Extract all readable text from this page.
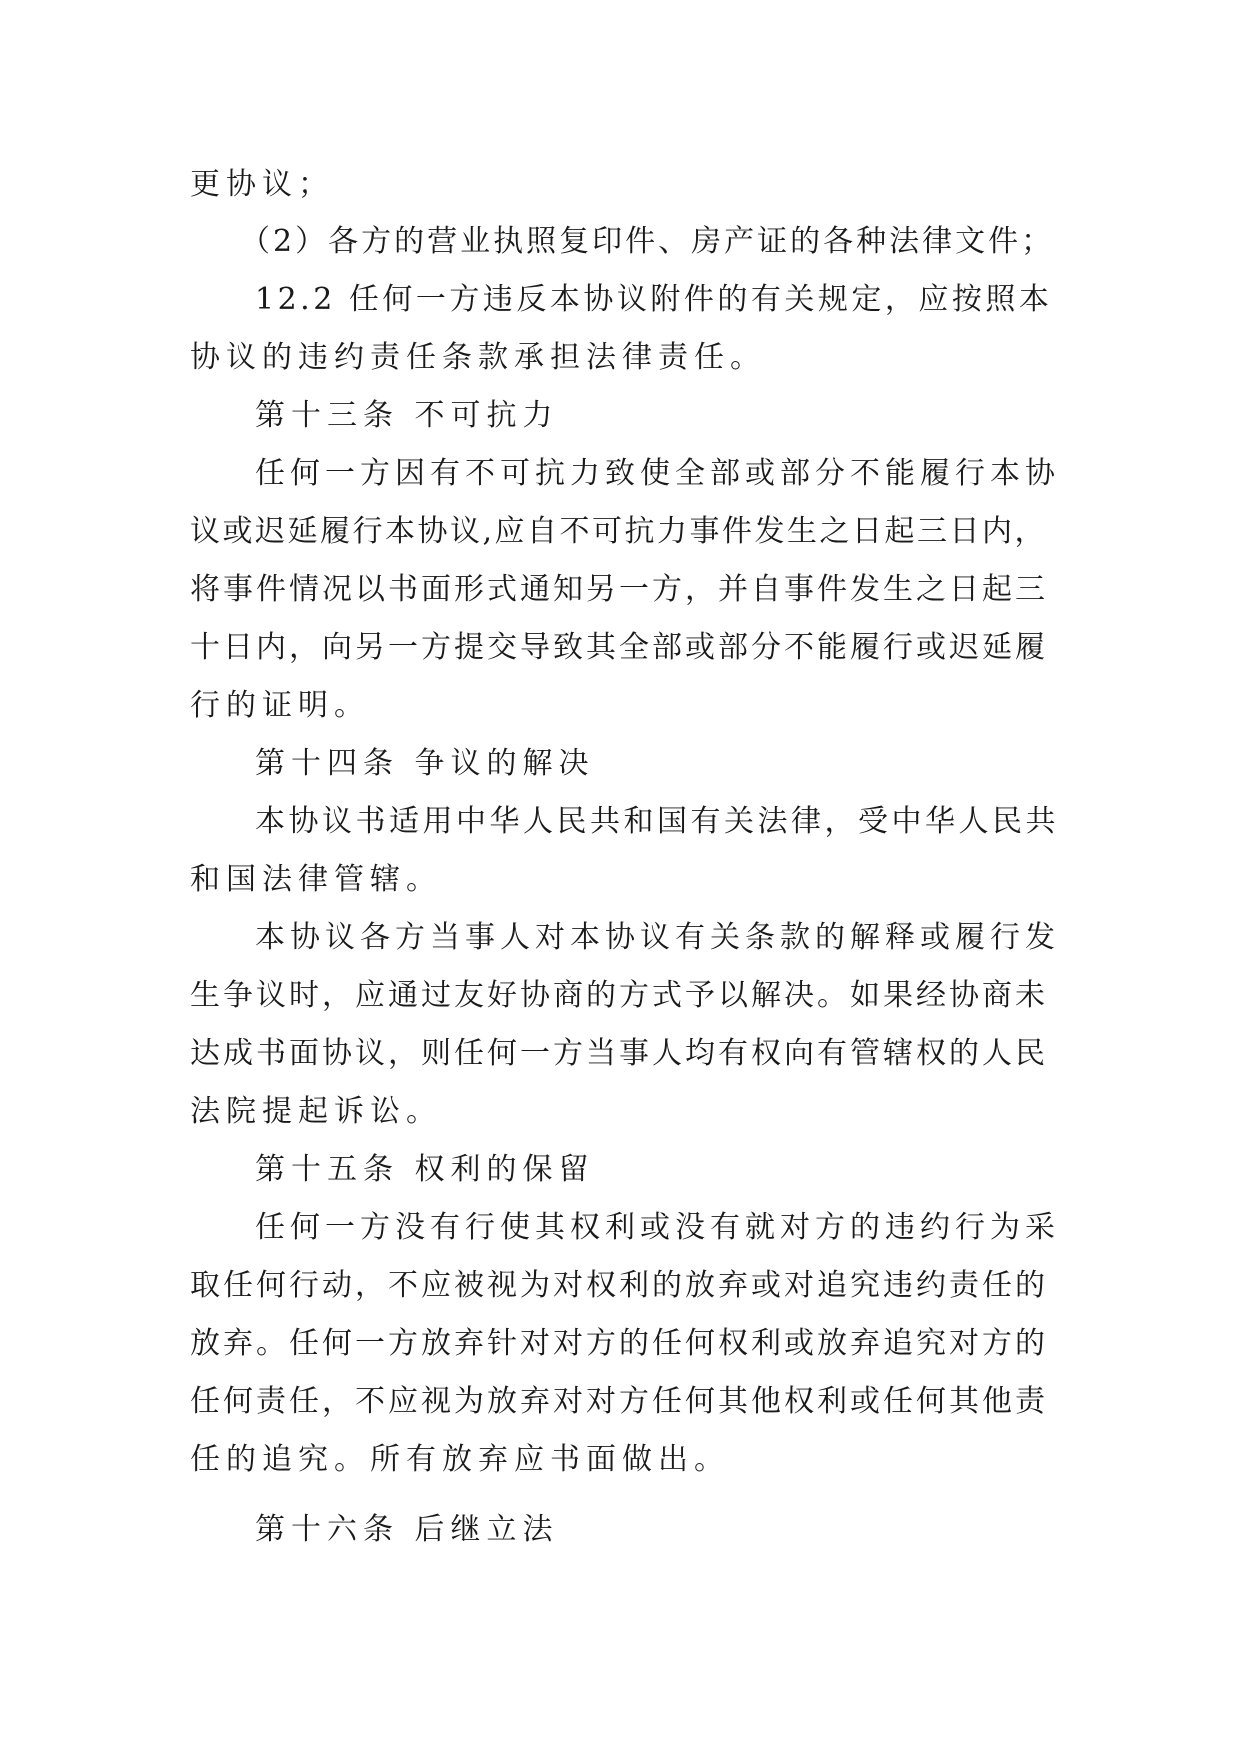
更协议；

（2）各方的营业执照复印件、房产证的各种法律文件；

12.2 任何一方违反本协议附件的有关规定，应按照本

协议的违约责任条款承担法律责任。

第十三条 不可抗力

任何一方因有不可抗力致使全部或部分不能履行本协

议或迟延履行本协议,应自不可抗力事件发生之日起三日内，

将事件情况以书面形式通知另一方，并自事件发生之日起三

十日内，向另一方提交导致其全部或部分不能履行或迟延履

行的证明。

第十四条 争议的解决

本协议书适用中华人民共和国有关法律，受中华人民共

和国法律管辖。

本协议各方当事人对本协议有关条款的解释或履行发

生争议时，应通过友好协商的方式予以解决。如果经协商未

达成书面协议，则任何一方当事人均有权向有管辖权的人民

法院提起诉讼。

第十五条 权利的保留

任何一方没有行使其权利或没有就对方的违约行为采

取任何行动，不应被视为对权利的放弃或对追究违约责任的

放弃。任何一方放弃针对对方的任何权利或放弃追究对方的

任何责任，不应视为放弃对对方任何其他权利或任何其他责

任的追究。所有放弃应书面做出。

第十六条 后继立法
